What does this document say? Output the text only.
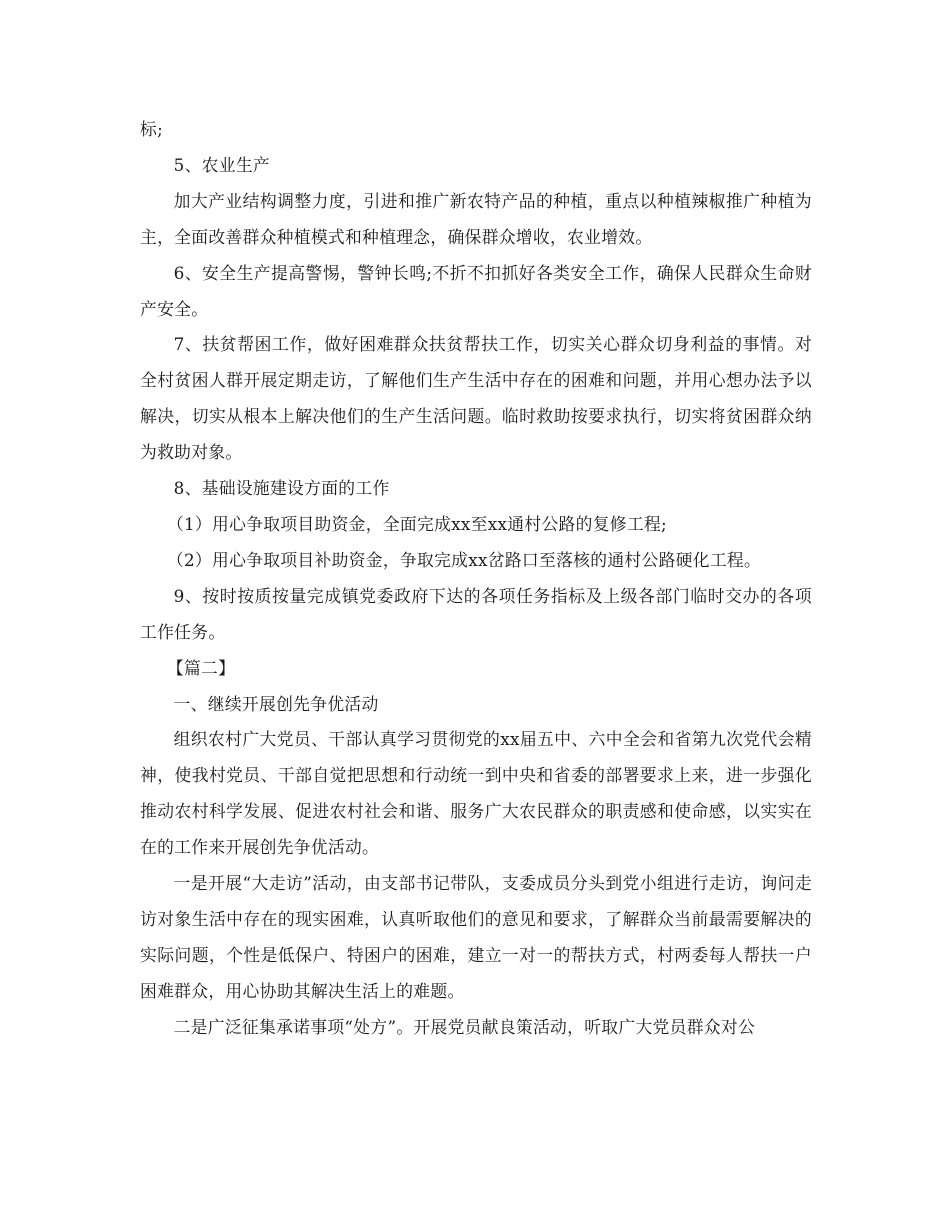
标;

5、农业生产

加大产业结构调整力度，引进和推广新农特产品的种植，重点以种植辣椒推广种植为主，全面改善群众种植模式和种植理念，确保群众增收，农业增效。

6、安全生产提高警惕，警钟长鸣;不折不扣抓好各类安全工作，确保人民群众生命财产安全。

7、扶贫帮困工作，做好困难群众扶贫帮扶工作，切实关心群众切身利益的事情。对全村贫困人群开展定期走访，了解他们生产生活中存在的困难和问题，并用心想办法予以解决，切实从根本上解决他们的生产生活问题。临时救助按要求执行，切实将贫困群众纳为救助对象。

8、基础设施建设方面的工作

（1）用心争取项目助资金，全面完成xx至xx通村公路的复修工程;

（2）用心争取项目补助资金，争取完成xx岔路口至落核的通村公路硬化工程。

9、按时按质按量完成镇党委政府下达的各项任务指标及上级各部门临时交办的各项工作任务。

【篇二】

一、继续开展创先争优活动

组织农村广大党员、干部认真学习贯彻党的xx届五中、六中全会和省第九次党代会精神，使我村党员、干部自觉把思想和行动统一到中央和省委的部署要求上来，进一步强化推动农村科学发展、促进农村社会和谐、服务广大农民群众的职责感和使命感，以实实在在的工作来开展创先争优活动。

一是开展“大走访”活动，由支部书记带队，支委成员分头到党小组进行走访，询问走访对象生活中存在的现实困难，认真听取他们的意见和要求，了解群众当前最需要解决的实际问题，个性是低保户、特困户的困难，建立一对一的帮扶方式，村两委每人帮扶一户困难群众，用心协助其解决生活上的难题。

二是广泛征集承诺事项“处方”。开展党员献良策活动，听取广大党员群众对公
